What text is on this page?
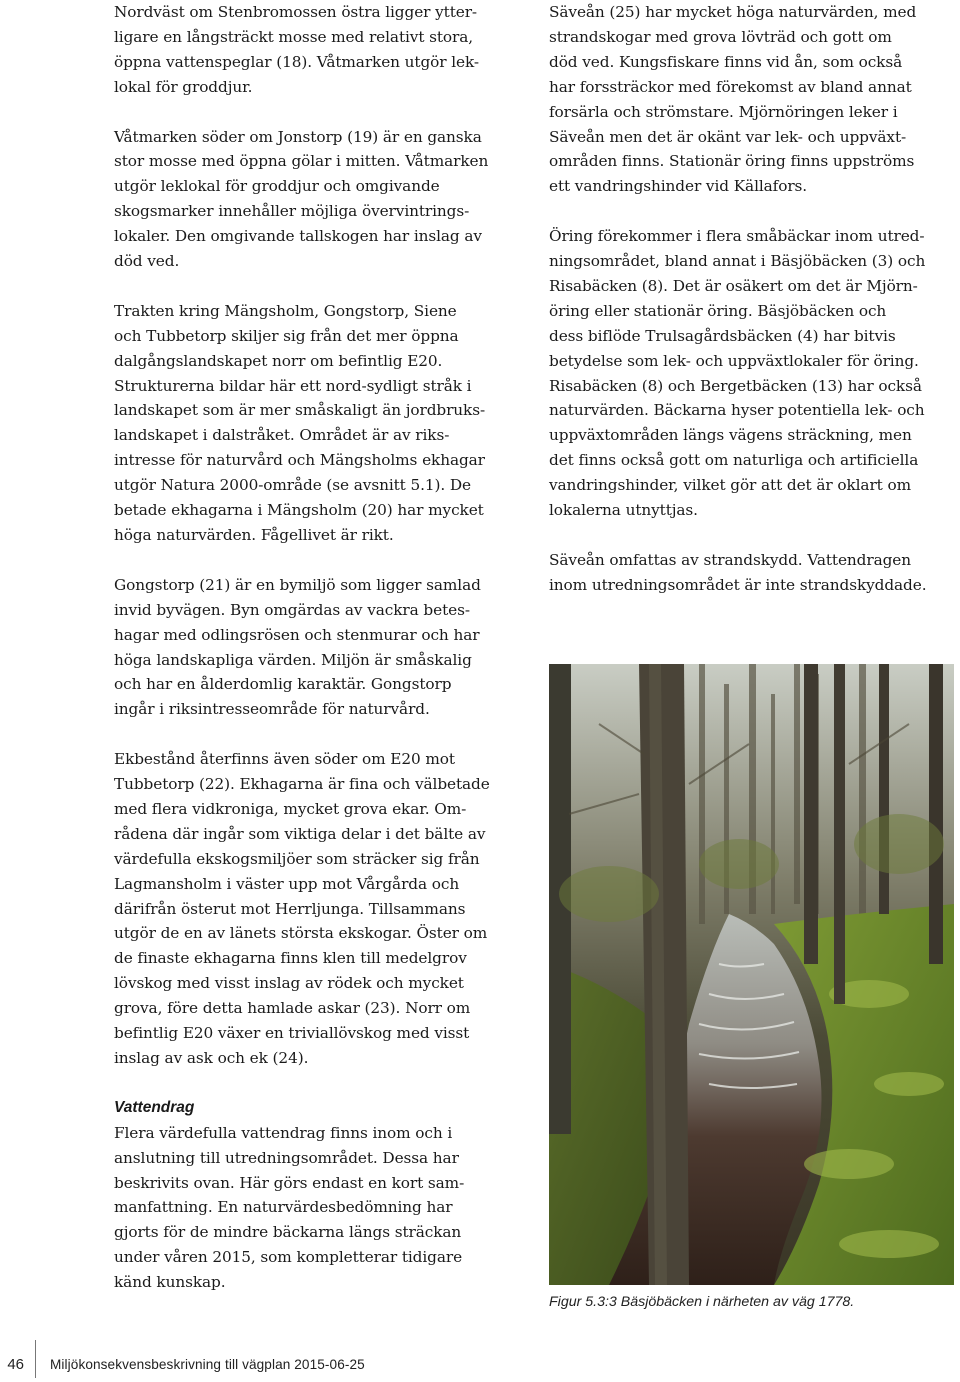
Nordväst om Stenbromossen östra ligger ytter-
ligare en långsträckt mosse med relativt stora,
öppna vattenspeglar (18). Våtmarken utgör lek-
lokal för groddjur.

Våtmarken söder om Jonstorp (19) är en ganska
stor mosse med öppna gölar i mitten. Våtmarken
utgör leklokal för groddjur och omgivande
skogsmarker innehåller möjliga övervintrings-
lokaler. Den omgivande tallskogen har inslag av
död ved.

Trakten kring Mängsholm, Gongstorp, Siene
och Tubbetorp skiljer sig från det mer öppna
dalgångslandskapet norr om befintlig E20.
Strukturerna bildar här ett nord-sydligt stråk i
landskapet som är mer småskaligt än jordbruks-
landskapet i dalstråket. Området är av riks-
intresse för naturvård och Mängsholms ekhagar
utgör Natura 2000-område (se avsnitt 5.1). De
betade ekhagarna i Mängsholm (20) har mycket
höga naturvärden. Fågellivet är rikt.

Gongstorp (21) är en bymiljö som ligger samlad
invid byvägen. Byn omgärdas av vackra betes-
hagar med odlingsrösen och stenmurar och har
höga landskapliga värden. Miljön är småskalig
och har en ålderdomlig karaktär. Gongstorp
ingår i riksintresseområde för naturvård.

Ekbestånd återfinns även söder om E20 mot
Tubbetorp (22). Ekhagarna är fina och välbetade
med flera vidkroniga, mycket grova ekar. Om-
rådena där ingår som viktiga delar i det bälte av
värdefulla ekskogsmiljöer som sträcker sig från
Lagmansholm i väster upp mot Vårgårda och
därifrån österut mot Herrljunga. Tillsammans
utgör de en av länets största ekskogar. Öster om
de finaste ekhagarna finns klen till medelgrov
lövskog med visst inslag av rödek och mycket
grova, före detta hamlade askar (23). Norr om
befintlig E20 växer en triviallövskog med visst
inslag av ask och ek (24).

Vattendrag

Flera värdefulla vattendrag finns inom och i
anslutning till utredningsområdet. Dessa har
beskrivits ovan. Här görs endast en kort sam-
manfattning. En naturvärdesbedömning har
gjorts för de mindre bäckarna längs sträckan
under våren 2015, som kompletterar tidigare
känd kunskap.

Säveån (25) har mycket höga naturvärden, med
strandskogar med grova lövträd och gott om
död ved. Kungsfiskare finns vid ån, som också
har forssträckor med förekomst av bland annat
forsärla och strömstare. Mjörnöringen leker i
Säveån men det är okänt var lek- och uppväxt-
områden finns. Stationär öring finns uppströms
ett vandringshinder vid Källafors.

Öring förekommer i flera småbäckar inom utred-
ningsområdet, bland annat i Bäsjöbäcken (3) och
Risabäcken (8). Det är osäkert om det är Mjörn-
öring eller stationär öring. Bäsjöbäcken och
dess biflöde Trulsagårdsbäcken (4) har bitvis
betydelse som lek- och uppväxtlokaler för öring.
Risabäcken (8) och Bergetbäcken (13) har också
naturvärden. Bäckarna hyser potentiella lek- och
uppväxtområden längs vägens sträckning, men
det finns också gott om naturliga och artificiella
vandringshinder, vilket gör att det är oklart om
lokalerna utnyttjas.

Säveån omfattas av strandskydd. Vattendragen
inom utredningsområdet är inte strandskyddade.

Figur 5.3:3 Bäsjöbäcken i närheten av väg 1778.
46 Miljökonsekvensbeskrivning till vägplan 2015-06-25
